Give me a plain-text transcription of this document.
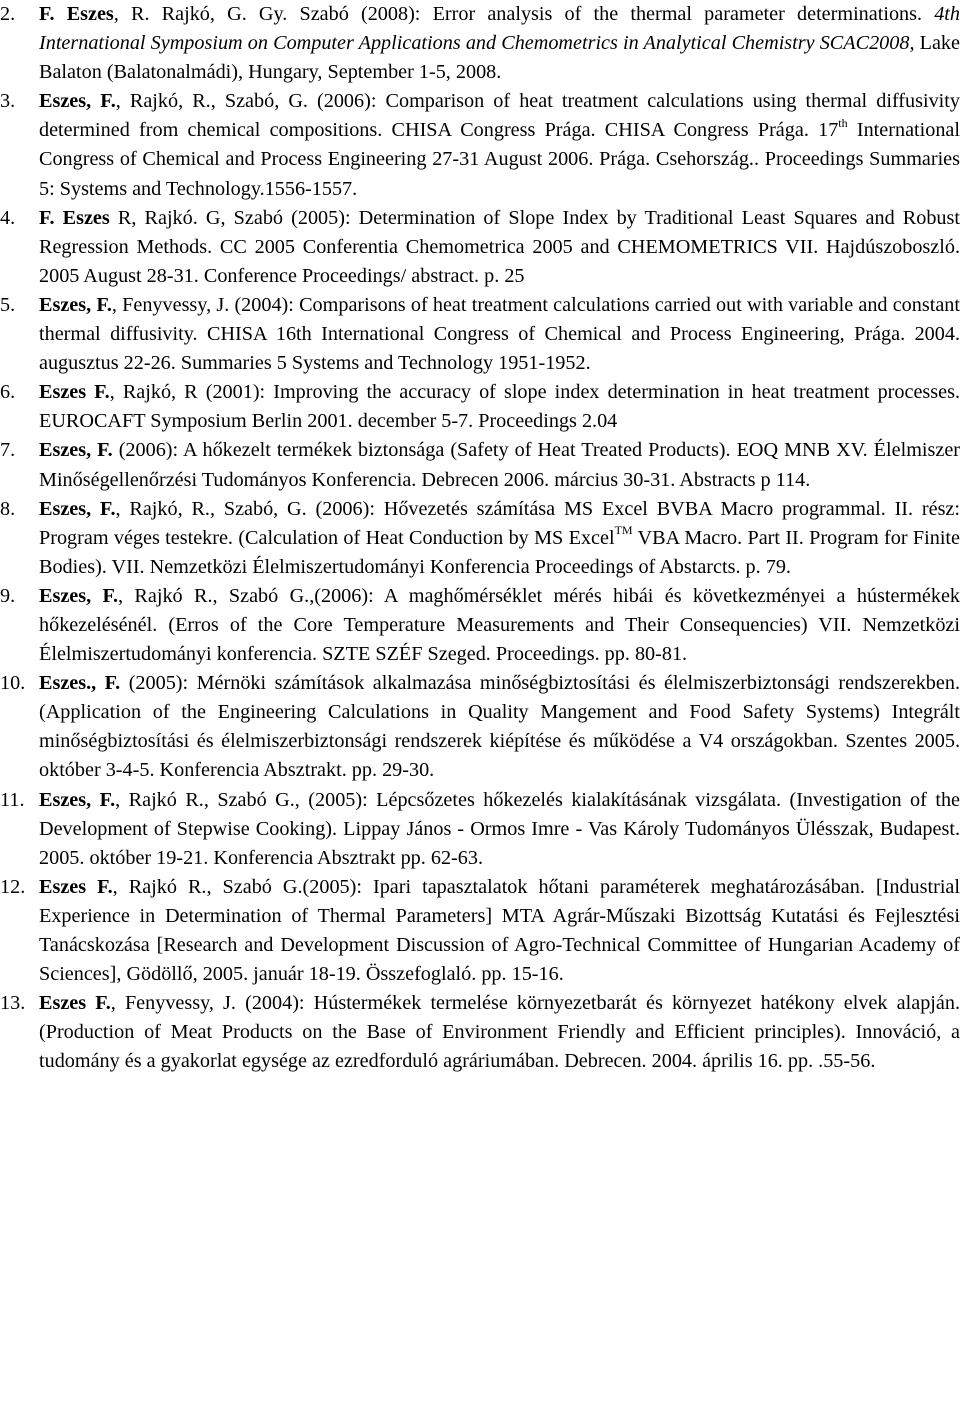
2. F. Eszes, R. Rajkó, G. Gy. Szabó (2008): Error analysis of the thermal parameter determinations. 4th International Symposium on Computer Applications and Chemometrics in Analytical Chemistry SCAC2008, Lake Balaton (Balatonalmádi), Hungary, September 1-5, 2008.

3. Eszes, F., Rajkó, R., Szabó, G. (2006): Comparison of heat treatment calculations using thermal diffusivity determined from chemical compositions. CHISA Congress Prága. CHISA Congress Prága. 17th International Congress of Chemical and Process Engineering 27-31 August 2006. Prága. Csehország.. Proceedings Summaries 5: Systems and Technology.1556-1557.

4. F. Eszes R, Rajkó. G, Szabó (2005): Determination of Slope Index by Traditional Least Squares and Robust Regression Methods. CC 2005 Conferentia Chemometrica 2005 and CHEMOMETRICS VII. Hajdúszoboszló. 2005 August 28-31. Conference Proceedings/ abstract. p. 25

5. Eszes, F., Fenyvessy, J. (2004): Comparisons of heat treatment calculations carried out with variable and constant thermal diffusivity. CHISA 16th International Congress of Chemical and Process Engineering, Prága. 2004. augusztus 22-26. Summaries 5 Systems and Technology 1951-1952.

6. Eszes F., Rajkó, R (2001): Improving the accuracy of slope index determination in heat treatment processes. EUROCAFT Symposium Berlin 2001. december 5-7. Proceedings 2.04

7. Eszes, F. (2006): A hőkezelt termékek biztonsága (Safety of Heat Treated Products). EOQ MNB XV. Élelmiszer Minőségellenőrzési Tudományos Konferencia. Debrecen 2006. március 30-31. Abstracts p 114.

8. Eszes, F., Rajkó, R., Szabó, G. (2006): Hővezetés számítása MS Excel BVBA Macro programmal. II. rész: Program véges testekre. (Calculation of Heat Conduction by MS Excel™ VBA Macro. Part II. Program for Finite Bodies). VII. Nemzetközi Élelmiszertudományi Konferencia Proceedings of Abstarcts. p. 79.

9. Eszes, F., Rajkó R., Szabó G.,(2006): A maghőmérséklet mérés hibái és következményei a hústermékek hőkezelésénél. (Erros of the Core Temperature Measurements and Their Consequencies) VII. Nemzetközi Élelmiszertudományi konferencia. SZTE SZÉF Szeged. Proceedings. pp. 80-81.

10. Eszes., F. (2005): Mérnöki számítások alkalmazása minőségbiztosítási és élelmiszerbiztonsági rendszerekben. (Application of the Engineering Calculations in Quality Mangement and Food Safety Systems) Integrált minőségbiztosítási és élelmiszerbiztonsági rendszerek kiépítése és működése a V4 országokban. Szentes 2005. október 3-4-5. Konferencia Absztrakt. pp. 29-30.

11. Eszes, F., Rajkó R., Szabó G., (2005): Lépcsőzetes hőkezelés kialakításának vizsgálata. (Investigation of the Development of Stepwise Cooking). Lippay János - Ormos Imre - Vas Károly Tudományos Ülésszak, Budapest. 2005. október 19-21. Konferencia Absztrakt pp. 62-63.

12. Eszes F., Rajkó R., Szabó G.(2005): Ipari tapasztalatok hőtani paraméterek meghatározásában. [Industrial Experience in Determination of Thermal Parameters] MTA Agrár-Műszaki Bizottság Kutatási és Fejlesztési Tanácskozása [Research and Development Discussion of Agro-Technical Committee of Hungarian Academy of Sciences], Gödöllő, 2005. január 18-19. Összefoglaló. pp. 15-16.

13. Eszes F., Fenyvessy, J. (2004): Hústermékek termelése környezetbarát és környezet hatékony elvek alapján. (Production of Meat Products on the Base of Environment Friendly and Efficient principles). Innováció, a tudomány és a gyakorlat egysége az ezredforduló agráriumában. Debrecen. 2004. április 16. pp. .55-56.
